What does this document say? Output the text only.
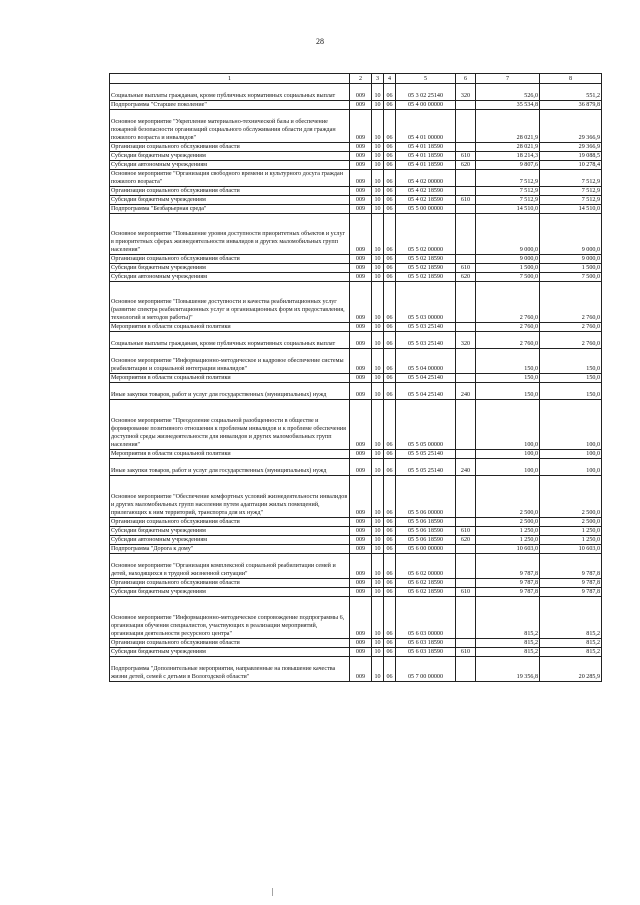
28
1	2	3	4	5	6	7	8
Социальные выплаты гражданам, кроме публичных нормативных социальных выплат	009	10	06	05 3 02 25140	320	526,0	551,2
Подпрограмма "Старшее поколение"	009	10	06	05 4 00 00000		35 534,8	36 879,8
Основное мероприятие "Укрепление материально-технической базы и обеспечение пожарной безопасности организаций социального обслуживания области для граждан пожилого возраста и инвалидов"	009	10	06	05 4 01 00000		28 021,9	29 366,9
Организации социального обслуживания области	009	10	06	05 4 01 18590		28 021,9	29 366,9
Субсидии бюджетным учреждениям	009	10	06	05 4 01 18590	610	18 214,3	19 088,5
Субсидии автономным учреждениям	009	10	06	05 4 01 18590	620	9 807,6	10 278,4
Основное мероприятие "Организация свободного времени и культурного досуга граждан пожилого возраста"	009	10	06	05 4 02 00000		7 512,9	7 512,9
Организации социального обслуживания области	009	10	06	05 4 02 18590		7 512,9	7 512,9
Субсидии бюджетным учреждениям	009	10	06	05 4 02 18590	610	7 512,9	7 512,9
Подпрограмма "Безбарьерная среда"	009	10	06	05 5 00 00000		14 510,0	14 510,0
Основное мероприятие "Повышение уровня доступности приоритетных объектов и услуг в приоритетных сферах жизнедеятельности инвалидов и других маломобильных групп населения"	009	10	06	05 5 02 00000		9 000,0	9 000,0
Организации социального обслуживания области	009	10	06	05 5 02 18590		9 000,0	9 000,0
Субсидии бюджетным учреждениям	009	10	06	05 5 02 18590	610	1 500,0	1 500,0
Субсидии автономным учреждениям	009	10	06	05 5 02 18590	620	7 500,0	7 500,0
Основное мероприятие "Повышение доступности и качества реабилитационных услуг (развитие спектра реабилитационных услуг и организационных форм их предоставления, технологий и методов работы)"	009	10	06	05 5 03 00000		2 760,0	2 760,0
Мероприятия в области социальной политики	009	10	06	05 5 03 25140		2 760,0	2 760,0
Социальные выплаты гражданам, кроме публичных нормативных социальных выплат	009	10	06	05 5 03 25140	320	2 760,0	2 760,0
Основное мероприятие "Информационно-методическое и кадровое обеспечение системы реабилитации и социальной интеграции инвалидов"	009	10	06	05 5 04 00000		150,0	150,0
Мероприятия в области социальной политики	009	10	06	05 5 04 25140		150,0	150,0
Иные закупки товаров, работ и услуг для государственных (муниципальных) нужд	009	10	06	05 5 04 25140	240	150,0	150,0
Основное мероприятие "Преодоление социальной разобщенности в обществе и формирование позитивного отношения к проблемам инвалидов и к проблеме обеспечения доступной среды жизнедеятельности для инвалидов и других маломобильных групп населения"	009	10	06	05 5 05 00000		100,0	100,0
Мероприятия в области социальной политики	009	10	06	05 5 05 25140		100,0	100,0
Иные закупки товаров, работ и услуг для государственных (муниципальных) нужд	009	10	06	05 5 05 25140	240	100,0	100,0
Основное мероприятие "Обеспечение комфортных условий жизнедеятельности инвалидов и других маломобильных групп населения путем адаптации жилых помещений, прилегающих к ним территорий, транспорта для их нужд"	009	10	06	05 5 06 00000		2 500,0	2 500,0
Организации социального обслуживания области	009	10	06	05 5 06 18590		2 500,0	2 500,0
Субсидии бюджетным учреждениям	009	10	06	05 5 06 18590	610	1 250,0	1 250,0
Субсидии автономным учреждениям	009	10	06	05 5 06 18590	620	1 250,0	1 250,0
Подпрограмма "Дорога к дому"	009	10	06	05 6 00 00000		10 603,0	10 603,0
Основное мероприятие "Организация комплексной социальной реабилитации семей и детей, находящихся в трудной жизненной ситуации"	009	10	06	05 6 02 00000		9 787,8	9 787,8
Организации социального обслуживания области	009	10	06	05 6 02 18590		9 787,8	9 787,8
Субсидии бюджетным учреждениям	009	10	06	05 6 02 18590	610	9 787,8	9 787,8
Основное мероприятие "Информационно-методическое сопровождение подпрограммы 6, организация обучения специалистов, участвующих в реализации мероприятий, организация деятельности ресурсного центра"	009	10	06	05 6 03 00000		815,2	815,2
Организации социального обслуживания области	009	10	06	05 6 03 18590		815,2	815,2
Субсидии бюджетным учреждениям	009	10	06	05 6 03 18590	610	815,2	815,2
Подпрограмма "Дополнительные мероприятия, направленные на повышение качества жизни детей, семей с детьми в Вологодской области"	009	10	06	05 7 00 00000		19 356,8	20 285,9
|
